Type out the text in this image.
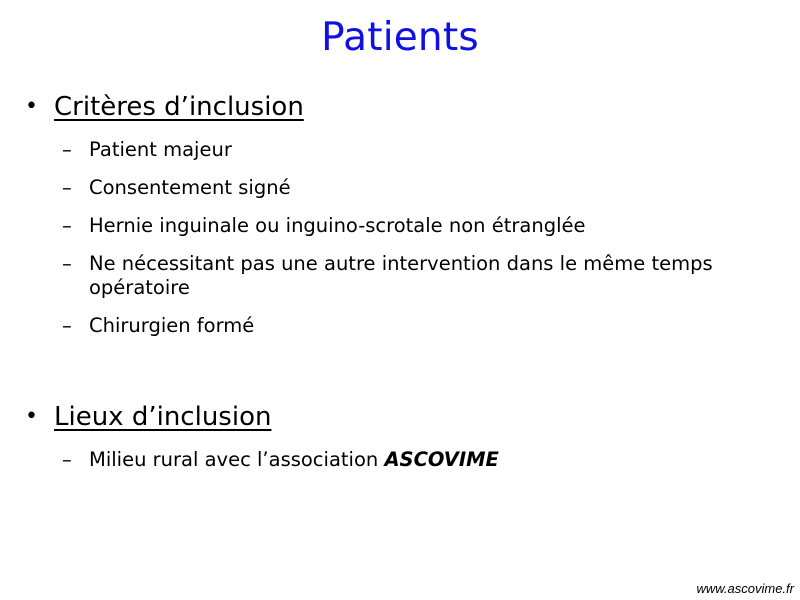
Patients
• Critères d’inclusion
– Patient majeur
– Consentement signé
– Hernie inguinale ou inguino-scrotale non étranglée
– Ne nécessitant pas une autre intervention dans le même temps opératoire
– Chirurgien formé
• Lieux d’inclusion
– Milieu rural avec l’association ASCOVIME
www.ascovime.fr
